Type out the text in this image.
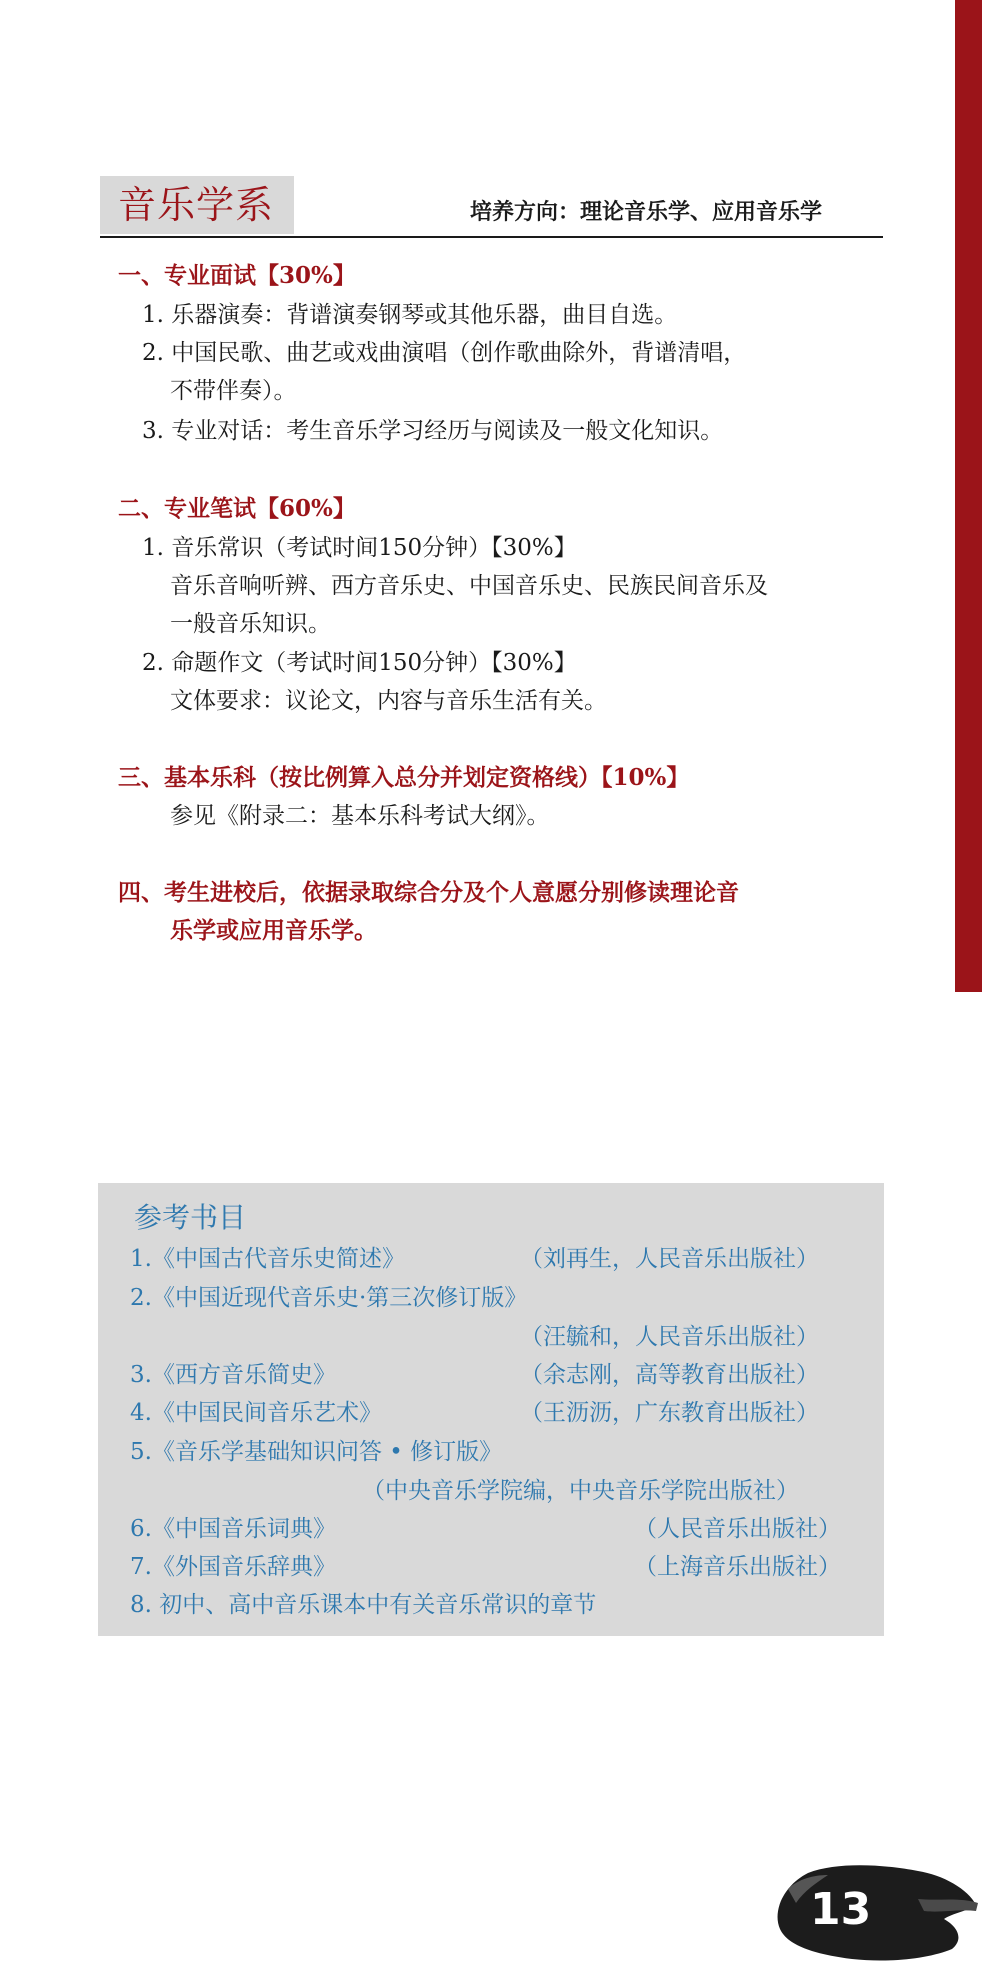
音乐学系	培养方向：理论音乐学、应用音乐学
一、专业面试【30%】
1. 乐器演奏：背谱演奏钢琴或其他乐器，曲目自选。
2. 中国民歌、曲艺或戏曲演唱（创作歌曲除外，背谱清唱，
不带伴奏）。
3. 专业对话：考生音乐学习经历与阅读及一般文化知识。
二、专业笔试【60%】
1. 音乐常识（考试时间150分钟）【30%】
音乐音响听辨、西方音乐史、中国音乐史、民族民间音乐及
一般音乐知识。
2. 命题作文（考试时间150分钟）【30%】
文体要求：议论文，内容与音乐生活有关。
三、基本乐科（按比例算入总分并划定资格线）【10%】
参见《附录二：基本乐科考试大纲》。
四、考生进校后，依据录取综合分及个人意愿分别修读理论音
乐学或应用音乐学。
参考书目
1.《中国古代音乐史简述》	（刘再生，人民音乐出版社）
2.《中国近现代音乐史·第三次修订版》
（汪毓和，人民音乐出版社）
3.《西方音乐简史》	（余志刚，高等教育出版社）
4.《中国民间音乐艺术》	（王沥沥，广东教育出版社）
5.《音乐学基础知识问答 • 修订版》
（中央音乐学院编，中央音乐学院出版社）
6.《中国音乐词典》	（人民音乐出版社）
7.《外国音乐辞典》	（上海音乐出版社）
8. 初中、高中音乐课本中有关音乐常识的章节
13
